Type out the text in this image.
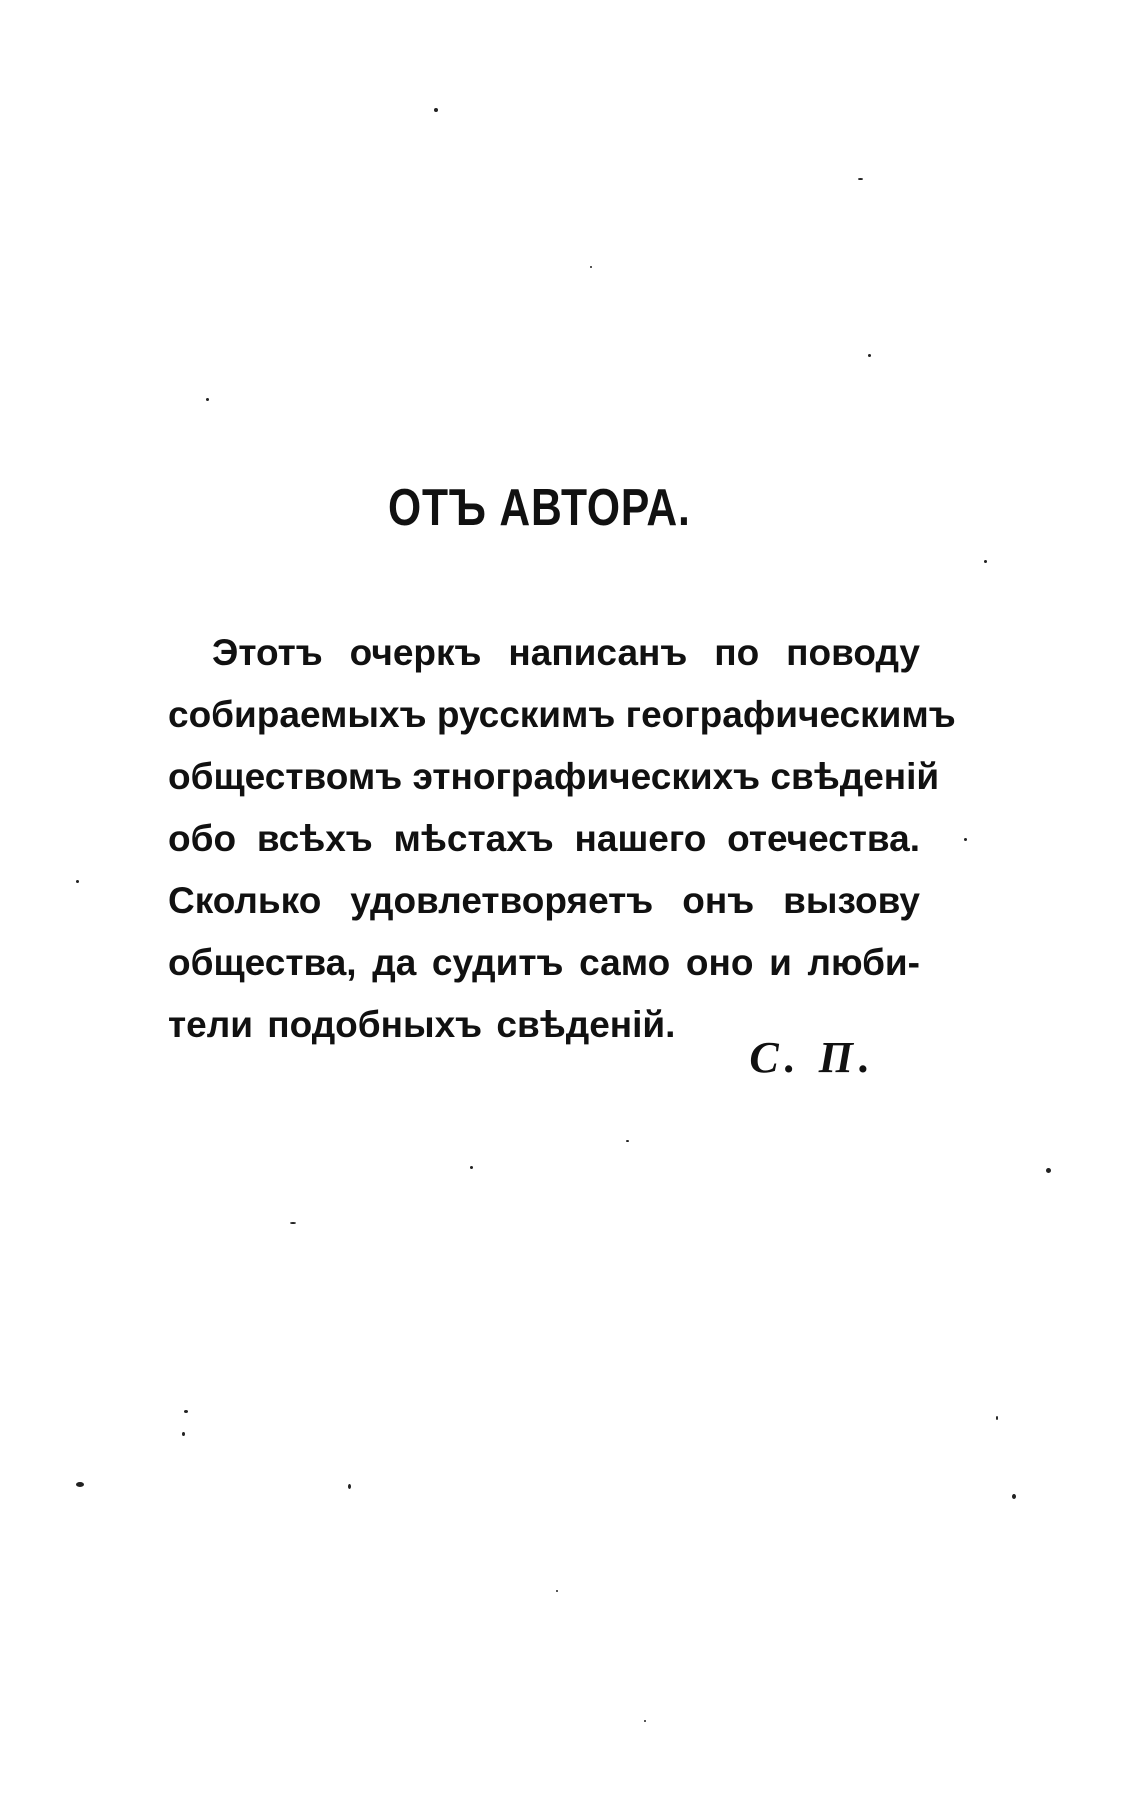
ОТЪ АВТОРА.
Этотъ очеркъ написанъ по поводу
собираемыхъ русскимъ географическимъ
обществомъ этнографическихъ свѣденій
обо всѣхъ мѣстахъ нашего отечества.
Сколько удовлетворяетъ онъ вызову
общества, да судитъ само оно и люби-
тели подобныхъ свѣденій.
С. П.
